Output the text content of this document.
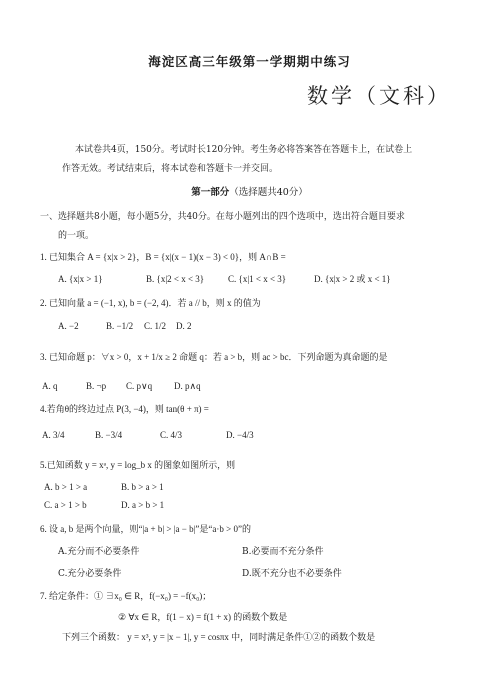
海淀区高三年级第一学期期中练习
数学（文科）
本试卷共4页，150分。考试时长120分钟。考生务必将答案答在答题卡上，在试卷上
作答无效。考试结束后，将本试卷和答题卡一并交回。
第一部分（选择题共40分）
一、选择题共8小题，每小题5分，共40分。在每小题列出的四个选项中，选出符合题目要求
的一项。
1. 已知集合 A = {x|x > 2}，B = {x|(x − 1)(x − 3) < 0}，则 A∩B =
A. {x|x > 1}	B. {x|2 < x < 3}	C. {x|1 < x < 3}	D. {x|x > 2 或 x < 1}
2. 已知向量 a = (−1, x), b = (−2, 4)．若 a // b，则 x 的值为
A. −2	B. −1/2 C. 1/2 D. 2
3. 已知命题 p：∀x > 0，x + 1/x ≥ 2 命题 q：若 a > b，则 ac > bc．下列命题为真命题的是
A. q	B. ¬p C. p∨q D. p∧q
4.若角θ的终边过点 P(3, −4)，则 tan(θ + π) =
A. 3/4	B. −3/4	C. 4/3	D. −4/3
5.已知函数 y = xᵃ, y = log_b x 的图象如图所示，则
A. b > 1 > a	B. b > a > 1
C. a > 1 > b	D. a > b > 1
6. 设 a, b 是两个向量，则“|a + b| > |a − b|”是“a·b > 0”的
A.充分而不必要条件	B.必要而不充分条件
C.充分必要条件	D.既不充分也不必要条件
7. 给定条件：① ∃x₀ ∈ R，f(−x₀) = −f(x₀)；
② ∀x ∈ R，f(1 − x) = f(1 + x) 的函数个数是
下列三个函数： y = x³, y = |x − 1|, y = cosπx 中，同时满足条件①②的函数个数是
